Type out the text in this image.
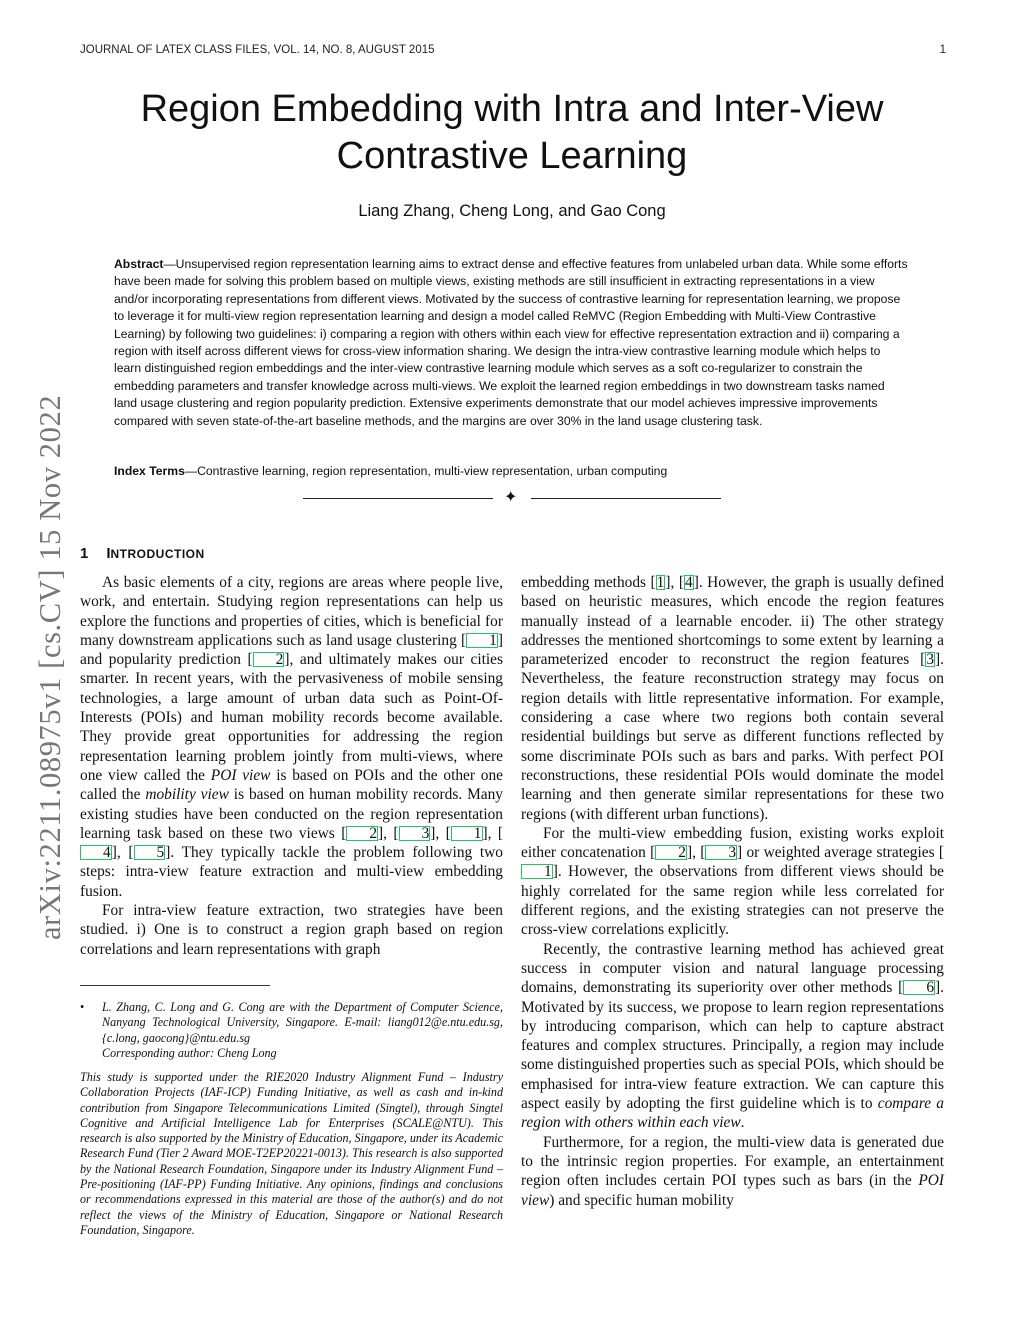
JOURNAL OF LATEX CLASS FILES, VOL. 14, NO. 8, AUGUST 2015	1
arXiv:2211.08975v1 [cs.CV] 15 Nov 2022
Region Embedding with Intra and Inter-View
Contrastive Learning
Liang Zhang, Cheng Long, and Gao Cong
Abstract—Unsupervised region representation learning aims to extract dense and effective features from unlabeled urban data. While some efforts have been made for solving this problem based on multiple views, existing methods are still insufficient in extracting representations in a view and/or incorporating representations from different views. Motivated by the success of contrastive learning for representation learning, we propose to leverage it for multi-view region representation learning and design a model called ReMVC (Region Embedding with Multi-View Contrastive Learning) by following two guidelines: i) comparing a region with others within each view for effective representation extraction and ii) comparing a region with itself across different views for cross-view information sharing. We design the intra-view contrastive learning module which helps to learn distinguished region embeddings and the inter-view contrastive learning module which serves as a soft co-regularizer to constrain the embedding parameters and transfer knowledge across multi-views. We exploit the learned region embeddings in two downstream tasks named land usage clustering and region popularity prediction. Extensive experiments demonstrate that our model achieves impressive improvements compared with seven state-of-the-art baseline methods, and the margins are over 30% in the land usage clustering task.
Index Terms—Contrastive learning, region representation, multi-view representation, urban computing
✦
1 INTRODUCTION

As basic elements of a city, regions are areas where people live, work, and entertain. Studying region representations can help us explore the functions and properties of cities, which is beneficial for many downstream applications such as land usage clustering [ 1] and popularity prediction [ 2], and ultimately makes our cities smarter. In recent years, with the pervasiveness of mobile sensing technologies, a large amount of urban data such as Point-Of-Interests (POIs) and human mobility records become available. They provide great opportunities for addressing the region representation learning problem jointly from multi-views, where one view called the POI view is based on POIs and the other one called the mobility view is based on human mobility records. Many existing studies have been conducted on the region representation learning task based on these two views [ 2], [ 3], [ 1], [4], [ 5]. They typically tackle the problem following two steps: intra-view feature extraction and multi-view embedding fusion.

For intra-view feature extraction, two strategies have been studied. i) One is to construct a region graph based on region correlations and learn representations with graph

• L. Zhang, C. Long and G. Cong are with the Department of Computer Science, Nanyang Technological University, Singapore. E-mail: liang012@e.ntu.edu.sg, {c.long, gaocong}@ntu.edu.sg
Corresponding author: Cheng Long
This study is supported under the RIE2020 Industry Alignment Fund – Industry Collaboration Projects (IAF-ICP) Funding Initiative, as well as cash and in-kind contribution from Singapore Telecommunications Limited (Singtel), through Singtel Cognitive and Artificial Intelligence Lab for Enterprises (SCALE@NTU). This research is also supported by the Ministry of Education, Singapore, under its Academic Research Fund (Tier 2 Award MOE-T2EP20221-0013). This research is also supported by the National Research Foundation, Singapore under its Industry Alignment Fund – Pre-positioning (IAF-PP) Funding Initiative. Any opinions, findings and conclusions or recommendations expressed in this material are those of the author(s) and do not reflect the views of the Ministry of Education, Singapore or National Research Foundation, Singapore.

embedding methods [1], [4]. However, the graph is usually defined based on heuristic measures, which encode the region features manually instead of a learnable encoder. ii) The other strategy addresses the mentioned shortcomings to some extent by learning a parameterized encoder to reconstruct the region features [3]. Nevertheless, the feature reconstruction strategy may focus on region details with little representative information. For example, considering a case where two regions both contain several residential buildings but serve as different functions reflected by some discriminate POIs such as bars and parks. With perfect POI reconstructions, these residential POIs would dominate the model learning and then generate similar representations for these two regions (with different urban functions).

For the multi-view embedding fusion, existing works exploit either concatenation [ 2], [ 3] or weighted average strategies [1]. However, the observations from different views should be highly correlated for the same region while less correlated for different regions, and the existing strategies can not preserve the cross-view correlations explicitly.

Recently, the contrastive learning method has achieved great success in computer vision and natural language processing domains, demonstrating its superiority over other methods [ 6]. Motivated by its success, we propose to learn region representations by introducing comparison, which can help to capture abstract features and complex structures. Principally, a region may include some distinguished properties such as special POIs, which should be emphasised for intra-view feature extraction. We can capture this aspect easily by adopting the first guideline which is to compare a region with others within each view.

Furthermore, for a region, the multi-view data is generated due to the intrinsic region properties. For example, an entertainment region often includes certain POI types such as bars (in the POI view) and specific human mobility
